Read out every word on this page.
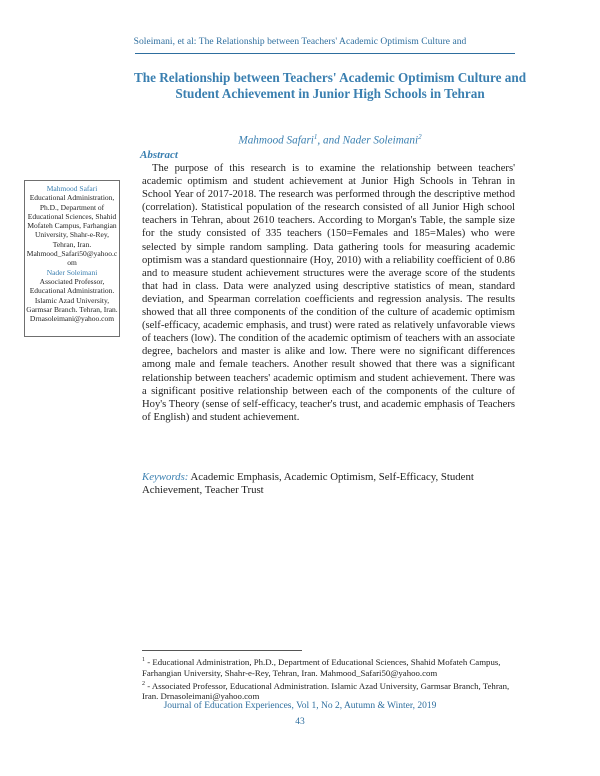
Soleimani, et al: The Relationship between Teachers' Academic Optimism Culture and
The Relationship between Teachers' Academic Optimism Culture and Student Achievement in Junior High Schools in Tehran
Mahmood Safari$^1$, and Nader Soleimani$^2$
Abstract

The purpose of this research is to examine the relationship between teachers' academic optimism and student achievement at Junior High Schools in Tehran in School Year of 2017-2018. The research was performed through the descriptive method (correlation). Statistical population of the research consisted of all Junior High school teachers in Tehran, about 2610 teachers. According to Morgan's Table, the sample size for the study consisted of 335 teachers (150=Females and 185=Males) who were selected by simple random sampling. Data gathering tools for measuring academic optimism was a standard questionnaire (Hoy, 2010) with a reliability coefficient of 0.86 and to measure student achievement structures were the average score of the students that had in class. Data were analyzed using descriptive statistics of mean, standard deviation, and Spearman correlation coefficients and regression analysis. The results showed that all three components of the condition of the culture of academic optimism (self-efficacy, academic emphasis, and trust) were rated as relatively unfavorable views of teachers (low). The condition of the academic optimism of teachers with an associate degree, bachelors and master is alike and low. There were no significant differences among male and female teachers. Another result showed that there was a significant relationship between teachers' academic optimism and student achievement. There was a significant positive relationship between each of the components of the culture of Hoy's Theory (sense of self-efficacy, teacher's trust, and academic emphasis of Teachers of English) and student achievement.

Mahmood Safari
Educational Administration, Ph.D., Department of Educational Sciences, Shahid Mofateh Campus, Farhangian University, Shahr-e-Rey, Tehran, Iran. Mahmood_Safari50@yahoo.com
Nader Soleimani
Associated Professor, Educational Administration. Islamic Azad University, Garmsar Branch. Tehran, Iran. Drnasoleimani@yahoo.com

Keywords: Academic Emphasis, Academic Optimism, Self-Efficacy, Student Achievement, Teacher Trust

$^1$ - Educational Administration, Ph.D., Department of Educational Sciences, Shahid Mofateh Campus, Farhangian University, Shahr-e-Rey, Tehran, Iran. Mahmood_Safari50@yahoo.com

$^2$ - Associated Professor, Educational Administration. Islamic Azad University, Garmsar Branch, Tehran, Iran. Drnasoleimani@yahoo.com

Journal of Education Experiences, Vol 1, No 2, Autumn & Winter, 2019
43
